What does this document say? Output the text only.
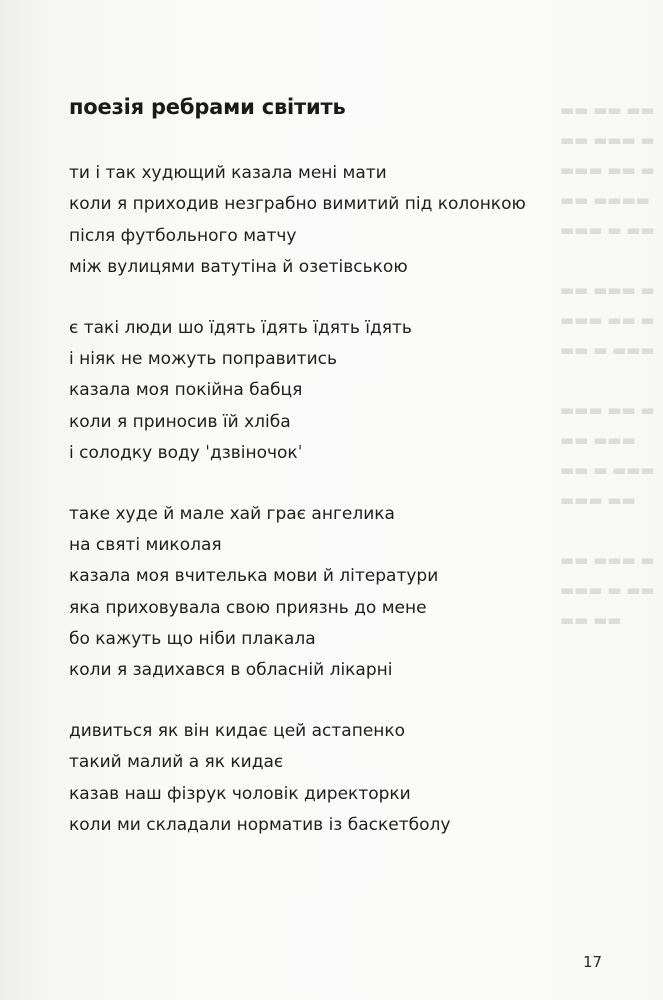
▬▬ ▬▬ ▬▬
▬▬ ▬▬▬ ▬
▬▬▬ ▬▬ ▬
▬▬ ▬▬▬▬
▬▬▬ ▬ ▬▬
▬▬ ▬▬▬ ▬
▬▬▬ ▬▬ ▬
▬▬ ▬ ▬▬▬
▬▬▬ ▬▬ ▬
▬▬ ▬▬▬
▬▬ ▬ ▬▬▬
▬▬▬ ▬▬
▬▬ ▬▬▬ ▬
▬▬▬ ▬ ▬▬
▬▬ ▬▬
поезія ребрами світить
ти і так худющий казала мені мати
коли я приходив незграбно вимитий під колонкою
після футбольного матчу
між вулицями ватутіна й озетівською
є такі люди шо їдять їдять їдять їдять
і ніяк не можуть поправитись
казала моя покійна бабця
коли я приносив їй хліба
і солодку воду ˈдзвіночокˈ
таке худе й мале хай грає ангелика
на святі миколая
казала моя вчителька мови й літератури
яка приховувала свою приязнь до мене
бо кажуть що ніби плакала
коли я задихався в обласній лікарні
дивиться як він кидає цей астапенко
такий малий а як кидає
казав наш фізрук чоловік директорки
коли ми складали норматив із баскетболу
17
